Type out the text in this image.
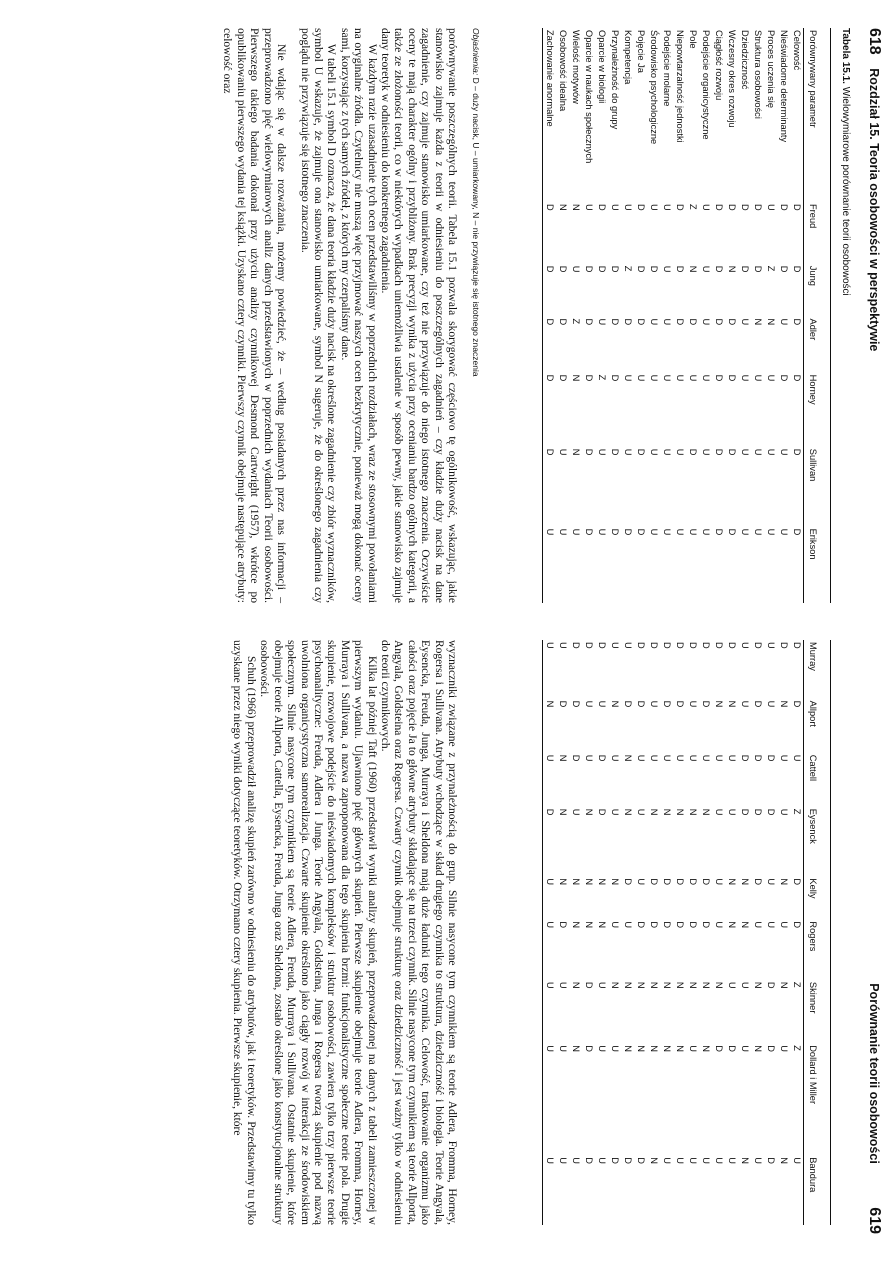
618 Rozdział 15. Teoria osobowości w perspektywie
Tabela 15.1. Wielowymiarowe porównanie teorii osobowości
Porównywany parametr	Freud	Jung	Adler	Horney	Sullivan	Erikson
Celowość	D	D	D	D	D	D
Nieświadome determinanty	D	D	U	D	U	U
Proces uczenia się	U	Z	N	U	U	U
Struktura osobowości	D	D	N	U	U	U
Dziedziczność	D	D	U	U	U	U
Wczesny okres rozwoju	D	N	D	D	D	D
Ciągłość rozwoju	D	D	D	D	D	D
Podejście organicystyczne	U	U	U	U	U	U
Pole	Z	N	D	U	D	U
Niepowtarzalność jednostki	D	D	D	U	U	U
Podejście molarne	U	U	U	U	U	U
Środowisko psychologiczne	U	D	U	U	U	U
Pojęcie Ja	D	D	D	U	D	D
Kompetencja	U	Z	D	U	U	D
Przynależność do grupy	U	D	D	D	D	D
Oparcie w biologii	D	D	U	Z	U	U
Oparcie w naukach społecznych	U	D	D	D	D	D
Wielość motywów	N	U	Z	N	N	U
Osobowość idealna	N	D	D	D	U	U
Zachowanie anormalne	D	D	D	D	D	U
Objaśnienia: D – duży nacisk, U – umiarkowany, N – nie przywiązuje się istotnego znaczenia

porównywanie poszczególnych teorii. Tabela 15.1 pozwala skorygować częściowo tę ogólnikowość, wskazując, jakie stanowisko zajmuje każda z teorii w odniesieniu do poszczególnych zagadnień – czy kładzie duży nacisk na dane zagadnienie, czy zajmuje stanowisko umiarkowane, czy też nie przywiązuje do niego istotnego znaczenia. Oczywiście oceny te mają charakter ogólny i przybliżony. Brak precyzji wynika z użycia przy ocenianiu bardzo ogólnych kategorii, a także ze złożoności teorii, co w niektórych wypadkach uniemożliwia ustalenie w sposób pewny, jakie stanowisko zajmuje dany teoretyk w odniesieniu do konkretnego zagadnienia.

W każdym razie uzasadnienie tych ocen przedstawiliśmy w poprzednich rozdziałach, wraz ze stosownymi powołaniami na oryginalne źródła. Czytelnicy nie muszą więc przyjmować naszych ocen bezkrytycznie, ponieważ mogą dokonać oceny sami, korzystając z tych samych źródeł, z których my czerpaliśmy dane.

W tabeli 15.1 symbol D oznacza, że dana teoria kładzie duży nacisk na określone zagadnienie czy zbiór wyznaczników, symbol U wskazuje, że zajmuje ona stanowisko umiarkowane, symbol N sugeruje, że do określonego zagadnienia czy poglądu nie przywiązuje się istotnego znaczenia.

Nie wdając się w dalsze rozważania, możemy powiedzieć, że – według posiadanych przez nas informacji – przeprowadzono pięć wielowymiarowych analiz danych przedstawionych w poprzednich wydaniach Teorii osobowości. Pierwszego takiego badania dokonał przy użyciu analizy czynnikowej Desmond Cartwright (1957), wkrótce po opublikowaniu pierwszego wydania tej książki. Uzyskano cztery czynniki. Pierwszy czynnik obejmuje następujące atrybuty: celowość oraz

Porównanie teorii osobowości 619
Murray	Allport	Cattell	Eysenck	Kelly	Rogers	Skinner	Dollard i Miller	Bandura
D	D	U	Z	D	D	Z	Z	U
D	N	U	U	N	U	N	U	N
U	U	D	D	U	U	D	D	D
D	D	D	D	D	U	N	N	U
U	U	D	D	N	N	U	U	N
D	N	U	U	N	N	U	D	U
D	N	U	U	U	U	N	D	U
D	D	U	N	D	D	N	N	U
D	U	U	N	D	D	N	U	U
D	D	U	N	D	D	N	N	U
D	D	U	N	D	D	N	N	U
D	U	U	N	D	D	N	N	N
D	D	U	U	U	D	N	N	D
U	D	N	N	D	U	N	N	D
U	N	U	U	N	U	N	U	D
D	U	D	D	N	N	U	U	U
D	U	U	N	N	N	D	D	D
D	D	D	U	N	N	N	N	U
U	D	N	N	N	D	U	U	U
U	N	U	D	U	U	U	U	U

wyznaczniki związane z przynależnością do grup. Silnie nasycone tym czynnikiem są teorie Adlera, Fromma, Horney, Rogersa i Sullivana. Atrybuty wchodzące w skład drugiego czynnika to struktura, dziedziczność i biologia. Teorie Angyala, Eysencka, Freuda, Junga, Murraya i Sheldona mają duże ładunki tego czynnika. Celowość, traktowanie organizmu jako całości oraz pojęcie Ja to główne atrybuty składające się na trzeci czynnik. Silnie nasycone tym czynnikiem są teorie Allporta, Angyala, Goldsteina oraz Rogersa. Czwarty czynnik obejmuje strukturę oraz dziedziczność i jest ważny tylko w odniesieniu do teorii czynnikowych.

Kilka lat później Taft (1960) przedstawił wyniki analizy skupień, przeprowadzonej na danych z tabeli zamieszczonej w pierwszym wydaniu. Ujawniono pięć głównych skupień. Pierwsze skupienie obejmuje teorie Adlera, Fromma, Horney, Murraya i Sullivana, a nazwa zaproponowana dla tego skupienia brzmi: funkcjonalistyczne społeczne teorie pola. Drugie skupienie, rozwojowe podejście do nieświadomych kompleksów i struktur osobowości, zawiera tylko trzy pierwsze teorie psychoanalityczne: Freuda, Adlera i Junga. Teorie Angyala, Goldsteina, Junga i Rogersa tworzą skupienie pod nazwą uwolniona organicystyczna samorealizacja. Czwarte skupienie określono jako ciągły rozwój w interakcji ze środowiskiem społecznym. Silnie nasycone tym czynnikiem są teorie Adlera, Freuda, Murraya i Sullivana. Ostatnie skupienie, które obejmuje teorie Allporta, Cattella, Eysencka, Freuda, Junga oraz Sheldona, zostało określone jako konstytucjonalne struktury osobowości.

Schuh (1966) przeprowadził analizę skupień zarówno w odniesieniu do atrybutów, jak i teoretyków. Przedstawimy tu tylko uzyskane przez niego wyniki dotyczące teoretyków. Otrzymano cztery skupienia. Pierwsze skupienie, które
